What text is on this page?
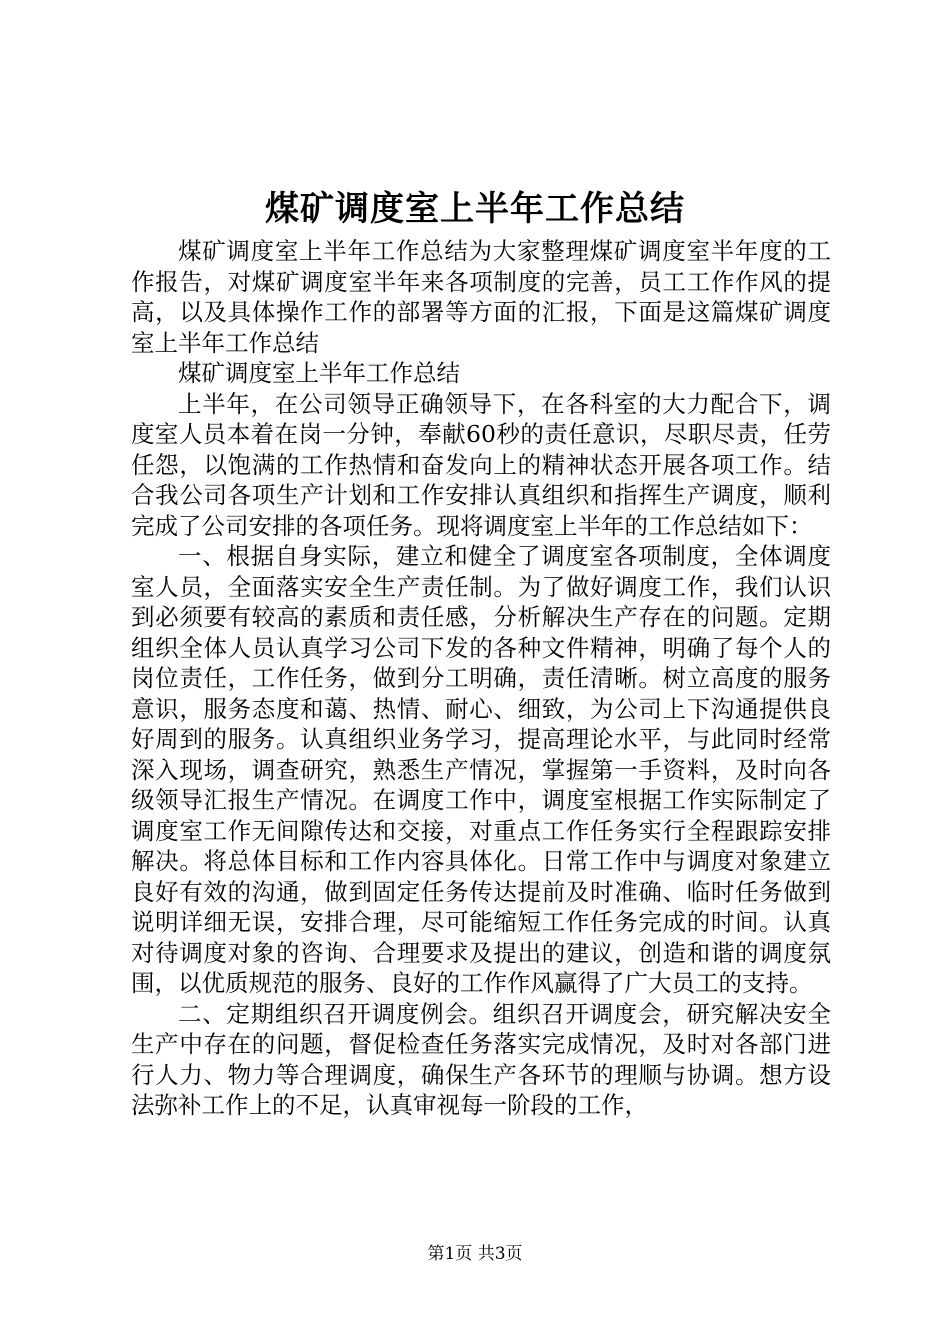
煤矿调度室上半年工作总结

煤矿调度室上半年工作总结为大家整理煤矿调度室半年度的工作报告，对煤矿调度室半年来各项制度的完善，员工工作作风的提高，以及具体操作工作的部署等方面的汇报，下面是这篇煤矿调度室上半年工作总结

煤矿调度室上半年工作总结

上半年，在公司领导正确领导下，在各科室的大力配合下，调度室人员本着在岗一分钟，奉献60秒的责任意识，尽职尽责，任劳任怨，以饱满的工作热情和奋发向上的精神状态开展各项工作。结合我公司各项生产计划和工作安排认真组织和指挥生产调度，顺利完成了公司安排的各项任务。现将调度室上半年的工作总结如下：

一、根据自身实际，建立和健全了调度室各项制度，全体调度室人员，全面落实安全生产责任制。为了做好调度工作，我们认识到必须要有较高的素质和责任感，分析解决生产存在的问题。定期组织全体人员认真学习公司下发的各种文件精神，明确了每个人的岗位责任，工作任务，做到分工明确，责任清晰。树立高度的服务意识，服务态度和蔼、热情、耐心、细致，为公司上下沟通提供良好周到的服务。认真组织业务学习，提高理论水平，与此同时经常深入现场，调查研究，熟悉生产情况，掌握第一手资料，及时向各级领导汇报生产情况。在调度工作中，调度室根据工作实际制定了调度室工作无间隙传达和交接，对重点工作任务实行全程跟踪安排解决。将总体目标和工作内容具体化。日常工作中与调度对象建立良好有效的沟通，做到固定任务传达提前及时准确、临时任务做到说明详细无误，安排合理，尽可能缩短工作任务完成的时间。认真对待调度对象的咨询、合理要求及提出的建议，创造和谐的调度氛围，以优质规范的服务、良好的工作作风赢得了广大员工的支持。

二、定期组织召开调度例会。组织召开调度会，研究解决安全生产中存在的问题，督促检查任务落实完成情况，及时对各部门进行人力、物力等合理调度，确保生产各环节的理顺与协调。想方设法弥补工作上的不足，认真审视每一阶段的工作，

第1页 共3页
